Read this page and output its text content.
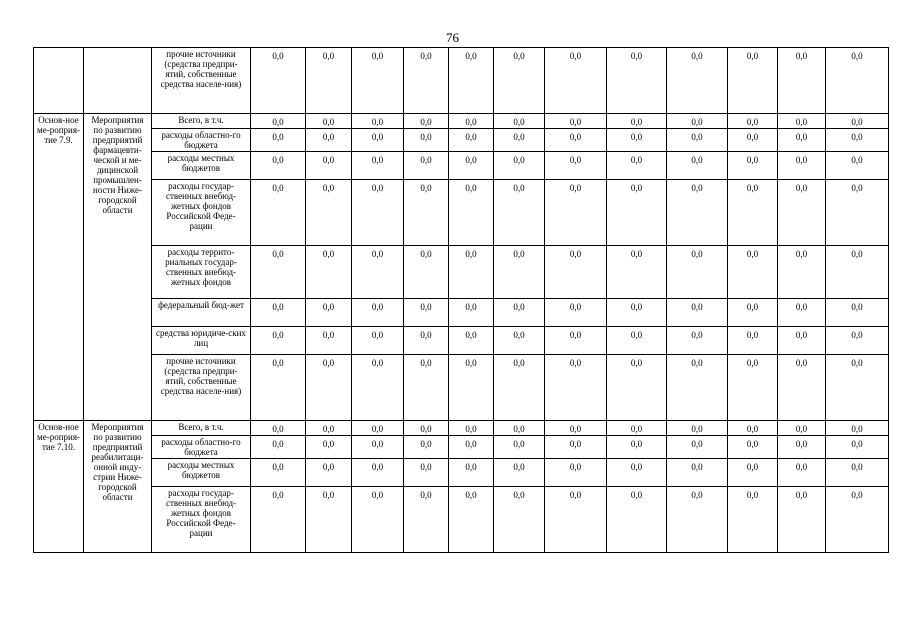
76
		прочие источники (средства предпри-ятий, собственные средства населе-ния)	0,0	0,0	0,0	0,0	0,0	0,0	0,0	0,0	0,0	0,0	0,0	0,0
Основ-ное ме-роприя-тие 7.9.	Мероприятия по развитию предприятий фармацевти-ческой и ме-дицинской промышлен-ности Ниже-городской области	Всего, в т.ч.	0,0	0,0	0,0	0,0	0,0	0,0	0,0	0,0	0,0	0,0	0,0	0,0
		расходы областно-го бюджета	0,0	0,0	0,0	0,0	0,0	0,0	0,0	0,0	0,0	0,0	0,0	0,0
		расходы местных бюджетов	0,0	0,0	0,0	0,0	0,0	0,0	0,0	0,0	0,0	0,0	0,0	0,0
		расходы государ-ственных внебюд-жетных фондов Российской Феде-рации	0,0	0,0	0,0	0,0	0,0	0,0	0,0	0,0	0,0	0,0	0,0	0,0
		расходы террито-риальных государ-ственных внебюд-жетных фондов	0,0	0,0	0,0	0,0	0,0	0,0	0,0	0,0	0,0	0,0	0,0	0,0
		федеральный бюд-жет	0,0	0,0	0,0	0,0	0,0	0,0	0,0	0,0	0,0	0,0	0,0	0,0
		средства юридиче-ских лиц	0,0	0,0	0,0	0,0	0,0	0,0	0,0	0,0	0,0	0,0	0,0	0,0
		прочие источники (средства предпри-ятий, собственные средства населе-ния)	0,0	0,0	0,0	0,0	0,0	0,0	0,0	0,0	0,0	0,0	0,0	0,0
Основ-ное ме-роприя-тие 7.10.	Мероприятия по развитию предприятий реабилитаци-онной инду-стрии Ниже-городской области	Всего, в т.ч.	0,0	0,0	0,0	0,0	0,0	0,0	0,0	0,0	0,0	0,0	0,0	0,0
		расходы областно-го бюджета	0,0	0,0	0,0	0,0	0,0	0,0	0,0	0,0	0,0	0,0	0,0	0,0
		расходы местных бюджетов	0,0	0,0	0,0	0,0	0,0	0,0	0,0	0,0	0,0	0,0	0,0	0,0
		расходы государ-ственных внебюд-жетных фондов Российской Феде-рации	0,0	0,0	0,0	0,0	0,0	0,0	0,0	0,0	0,0	0,0	0,0	0,0
